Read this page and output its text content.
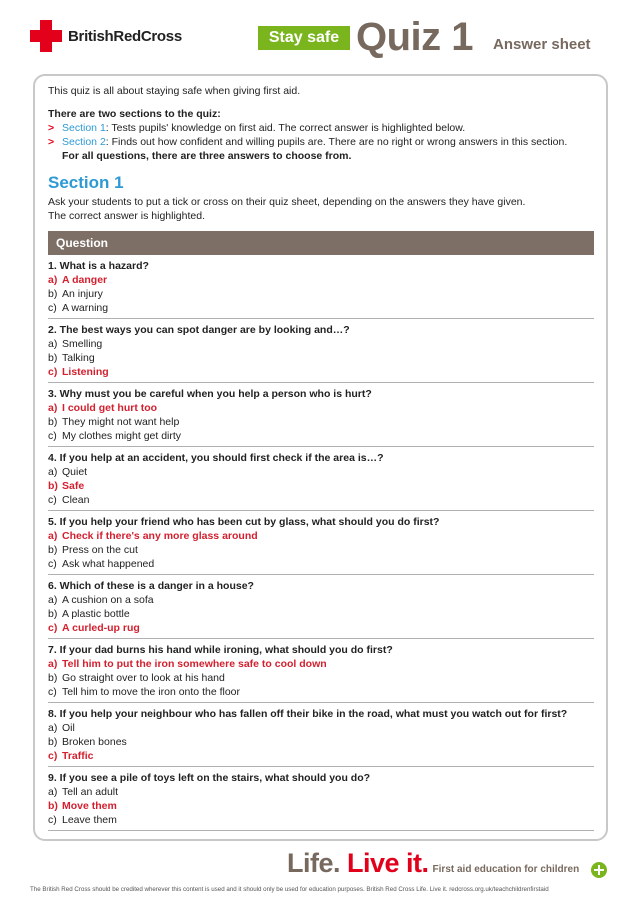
BritishRedCross	Stay safe Quiz 1 Answer sheet

This quiz is all about staying safe when giving first aid.

There are two sections to the quiz:

> Section 1: Tests pupils' knowledge on first aid. The correct answer is highlighted below.
> Section 2: Finds out how confident and willing pupils are. There are no right or wrong answers in this section.

For all questions, there are three answers to choose from.

Section 1

Ask your students to put a tick or cross on their quiz sheet, depending on the answers they have given.

The correct answer is highlighted.

Question
1. What is a hazard?
a) A danger
b) An injury
c) A warning
2. The best ways you can spot danger are by looking and…?
a) Smelling
b) Talking
c) Listening
3. Why must you be careful when you help a person who is hurt?
a) I could get hurt too
b) They might not want help
c) My clothes might get dirty
4. If you help at an accident, you should first check if the area is…?
a) Quiet
b) Safe
c) Clean
5. If you help your friend who has been cut by glass, what should you do first?
a) Check if there's any more glass around
b) Press on the cut
c) Ask what happened
6. Which of these is a danger in a house?
a) A cushion on a sofa
b) A plastic bottle
c) A curled-up rug
7. If your dad burns his hand while ironing, what should you do first?
a) Tell him to put the iron somewhere safe to cool down
b) Go straight over to look at his hand
c) Tell him to move the iron onto the floor
8. If you help your neighbour who has fallen off their bike in the road, what must you watch out for first?
a) Oil
b) Broken bones
c) Traffic
9. If you see a pile of toys left on the stairs, what should you do?
a) Tell an adult
b) Move them
c) Leave them
Life. Live it. First aid education for children
The British Red Cross should be credited wherever this content is used and it should only be used for education purposes. British Red Cross Life. Live it. redcross.org.uk/teachchildrenfirstaid
